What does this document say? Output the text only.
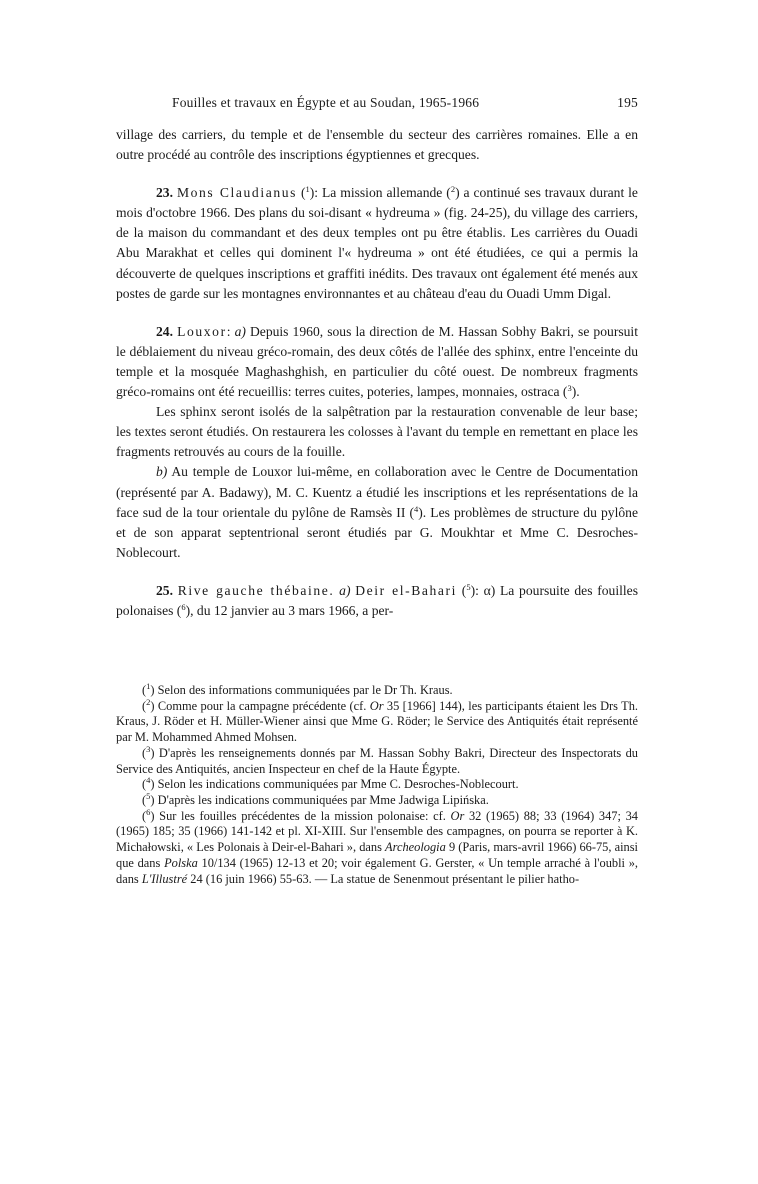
Fouilles et travaux en Égypte et au Soudan, 1965-1966	195

village des carriers, du temple et de l'ensemble du secteur des carrières romaines. Elle a en outre procédé au contrôle des inscriptions égyptiennes et grecques.

23. Mons Claudianus ($^1$): La mission allemande ($^2$) a continué ses travaux durant le mois d'octobre 1966. Des plans du soi-disant « hydreuma » (fig. 24-25), du village des carriers, de la maison du commandant et des deux temples ont pu être établis. Les carrières du Ouadi Abu Marakhat et celles qui dominent l'« hydreuma » ont été étudiées, ce qui a permis la découverte de quelques inscriptions et graffiti inédits. Des travaux ont également été menés aux postes de garde sur les montagnes environnantes et au château d'eau du Ouadi Umm Digal.

24. Louxor: a) Depuis 1960, sous la direction de M. Hassan Sobhy Bakri, se poursuit le déblaiement du niveau gréco-romain, des deux côtés de l'allée des sphinx, entre l'enceinte du temple et la mosquée Maghashghish, en particulier du côté ouest. De nombreux fragments gréco-romains ont été recueillis: terres cuites, poteries, lampes, monnaies, ostraca ($^3$).

Les sphinx seront isolés de la salpêtration par la restauration convenable de leur base; les textes seront étudiés. On restaurera les colosses à l'avant du temple en remettant en place les fragments retrouvés au cours de la fouille.

b) Au temple de Louxor lui-même, en collaboration avec le Centre de Documentation (représenté par A. Badawy), M. C. Kuentz a étudié les inscriptions et les représentations de la face sud de la tour orientale du pylône de Ramsès II ($^4$). Les problèmes de structure du pylône et de son apparat septentrional seront étudiés par G. Moukhtar et Mme C. Desroches-Noblecourt.

25. Rive gauche thébaine. a) Deir el-Bahari ($^5$): α) La poursuite des fouilles polonaises ($^6$), du 12 janvier au 3 mars 1966, a per-

($^1$) Selon des informations communiquées par le Dr Th. Kraus.

($^2$) Comme pour la campagne précédente (cf. Or 35 [1966] 144), les participants étaient les Drs Th. Kraus, J. Röder et H. Müller-Wiener ainsi que Mme G. Röder; le Service des Antiquités était représenté par M. Mohammed Ahmed Mohsen.

($^3$) D'après les renseignements donnés par M. Hassan Sobhy Bakri, Directeur des Inspectorats du Service des Antiquités, ancien Inspecteur en chef de la Haute Égypte.

($^4$) Selon les indications communiquées par Mme C. Desroches-Noblecourt.

($^5$) D'après les indications communiquées par Mme Jadwiga Lipińska.

($^6$) Sur les fouilles précédentes de la mission polonaise: cf. Or 32 (1965) 88; 33 (1964) 347; 34 (1965) 185; 35 (1966) 141-142 et pl. XI-XIII. Sur l'ensemble des campagnes, on pourra se reporter à K. Michałowski, « Les Polonais à Deir-el-Bahari », dans Archeologia 9 (Paris, mars-avril 1966) 66-75, ainsi que dans Polska 10/134 (1965) 12-13 et 20; voir également G. Gerster, « Un temple arraché à l'oubli », dans L'Illustré 24 (16 juin 1966) 55-63. — La statue de Senenmout présentant le pilier hatho-
